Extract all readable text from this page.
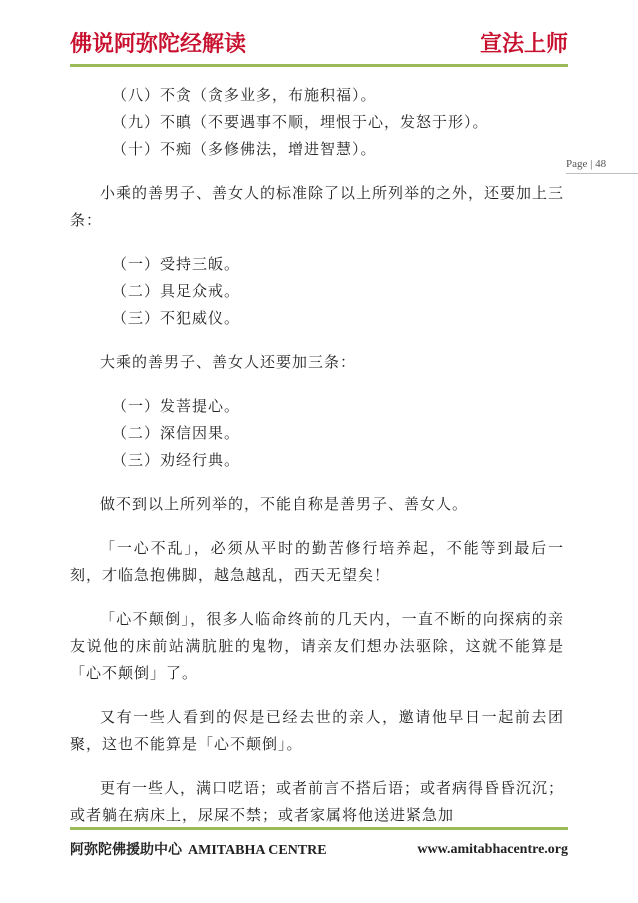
佛说阿弥陀经解读	宣法上师
Page | 48
（八）不贪（贪多业多，布施积福）。
（九）不瞋（不要遇事不顺，埋恨于心，发怒于形）。
（十）不痴（多修佛法，增进智慧）。

小乘的善男子、善女人的标准除了以上所列举的之外，还要加上三条：

（一）受持三皈。
（二）具足众戒。
（三）不犯威仪。

大乘的善男子、善女人还要加三条：

（一）发菩提心。
（二）深信因果。
（三）劝经行典。

做不到以上所列举的，不能自称是善男子、善女人。

「一心不乱」，必须从平时的勤苦修行培养起，不能等到最后一刻，才临急抱佛脚，越急越乱，西天无望矣！

「心不颠倒」，很多人临命终前的几天内，一直不断的向探病的亲友说他的床前站满肮脏的鬼物，请亲友们想办法驱除，这就不能算是「心不颠倒」了。

又有一些人看到的侭是已经去世的亲人，邀请他早日一起前去团聚，这也不能算是「心不颠倒」。

更有一些人，满口呓语；或者前言不搭后语；或者病得昏昏沉沉；或者躺在病床上，尿屎不禁；或者家属将他送进紧急加

阿弥陀佛援助中心 AMITABHA CENTRE	www.amitabhacentre.org
